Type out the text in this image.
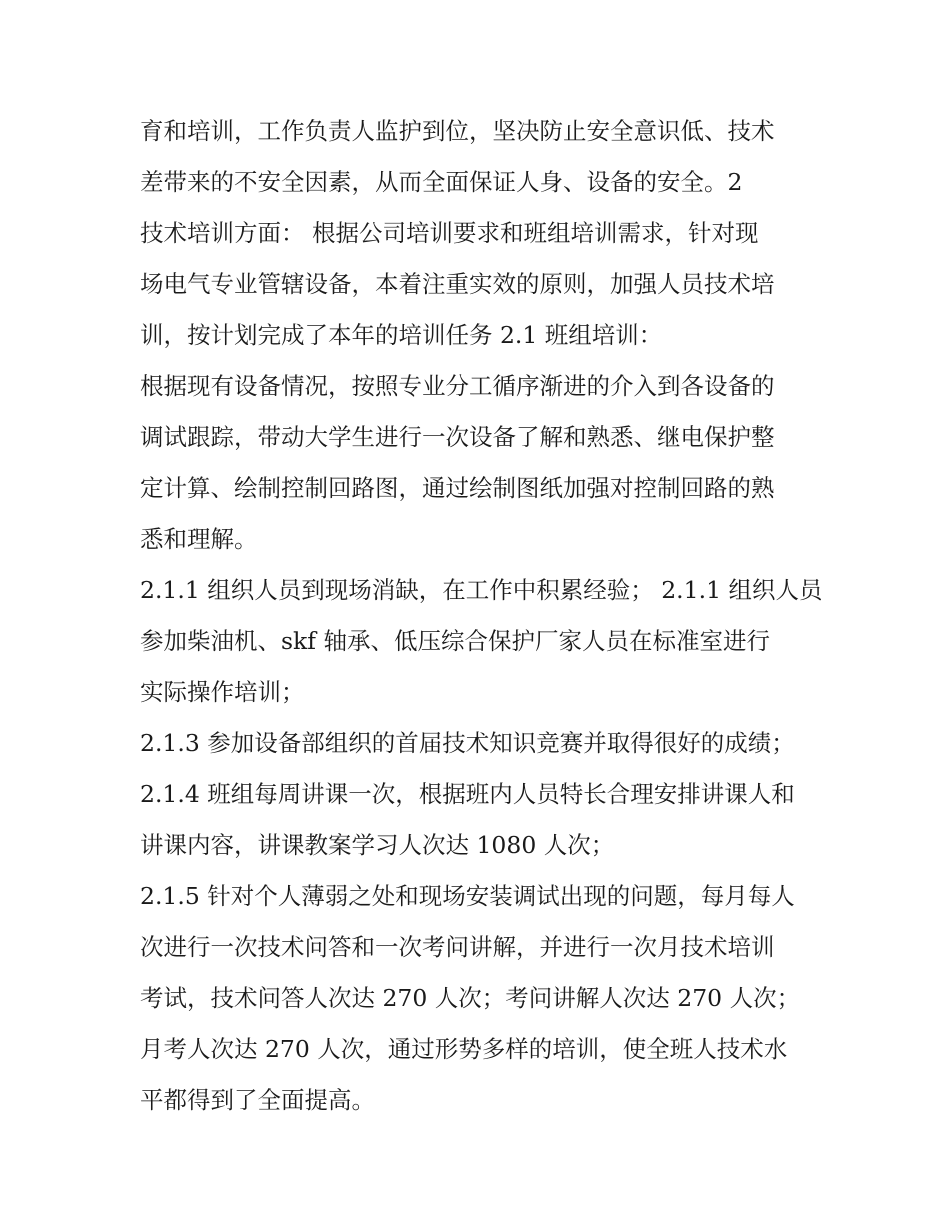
育和培训，工作负责人监护到位，坚决防止安全意识低、技术
差带来的不安全因素，从而全面保证人身、设备的安全。2
技术培训方面： 根据公司培训要求和班组培训需求，针对现
场电气专业管辖设备，本着注重实效的原则，加强人员技术培
训，按计划完成了本年的培训任务 2.1 班组培训：
根据现有设备情况，按照专业分工循序渐进的介入到各设备的
调试跟踪，带动大学生进行一次设备了解和熟悉、继电保护整
定计算、绘制控制回路图，通过绘制图纸加强对控制回路的熟
悉和理解。
2.1.1 组织人员到现场消缺，在工作中积累经验； 2.1.1 组织人员
参加柴油机、skf 轴承、低压综合保护厂家人员在标准室进行
实际操作培训；
2.1.3 参加设备部组织的首届技术知识竞赛并取得很好的成绩；
2.1.4 班组每周讲课一次，根据班内人员特长合理安排讲课人和
讲课内容，讲课教案学习人次达 1080 人次；
2.1.5 针对个人薄弱之处和现场安装调试出现的问题，每月每人
次进行一次技术问答和一次考问讲解，并进行一次月技术培训
考试，技术问答人次达 270 人次；考问讲解人次达 270 人次；
月考人次达 270 人次，通过形势多样的培训，使全班人技术水
平都得到了全面提高。
